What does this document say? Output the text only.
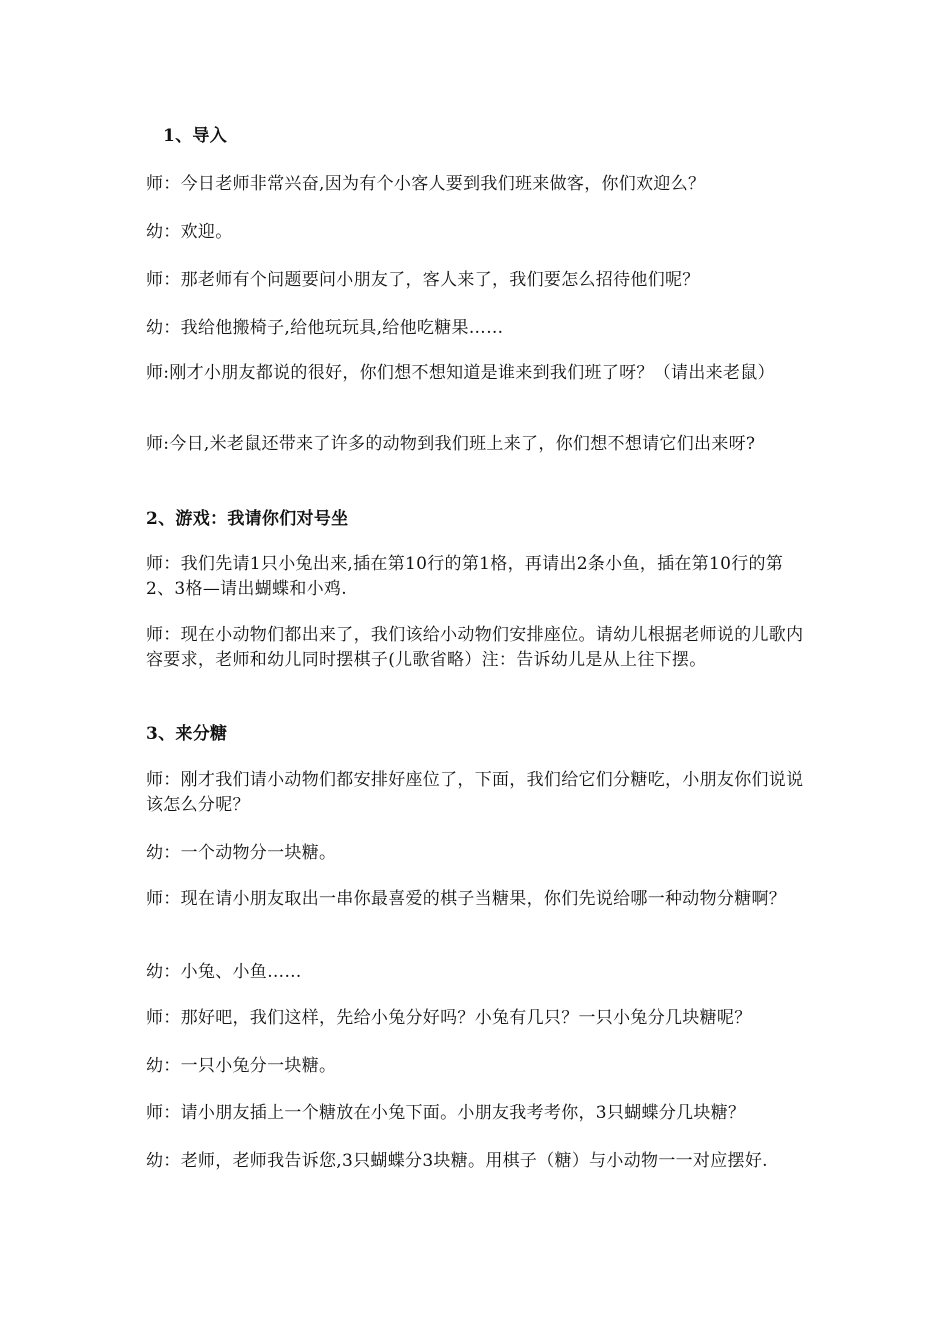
1、导入
师：今日老师非常兴奋,因为有个小客人要到我们班来做客，你们欢迎么？
幼：欢迎。
师：那老师有个问题要问小朋友了，客人来了，我们要怎么招待他们呢？
幼：我给他搬椅子,给他玩玩具,给他吃糖果……
师:刚才小朋友都说的很好，你们想不想知道是谁来到我们班了呀？（请出来老鼠）
师:今日,米老鼠还带来了许多的动物到我们班上来了，你们想不想请它们出来呀?
2、游戏：我请你们对号坐
师：我们先请1只小兔出来,插在第10行的第1格，再请出2条小鱼，插在第10行的第2、3格—请出蝴蝶和小鸡.
师：现在小动物们都出来了，我们该给小动物们安排座位。请幼儿根据老师说的儿歌内容要求，老师和幼儿同时摆棋子(儿歌省略）注：告诉幼儿是从上往下摆。
3、来分糖
师：刚才我们请小动物们都安排好座位了，下面，我们给它们分糖吃，小朋友你们说说该怎么分呢？
幼：一个动物分一块糖。
师：现在请小朋友取出一串你最喜爱的棋子当糖果，你们先说给哪一种动物分糖啊？
幼：小兔、小鱼……
师：那好吧，我们这样，先给小兔分好吗？小兔有几只？一只小兔分几块糖呢？
幼：一只小兔分一块糖。
师：请小朋友插上一个糖放在小兔下面。小朋友我考考你，3只蝴蝶分几块糖？
幼：老师，老师我告诉您,3只蝴蝶分3块糖。用棋子（糖）与小动物一一对应摆好.
